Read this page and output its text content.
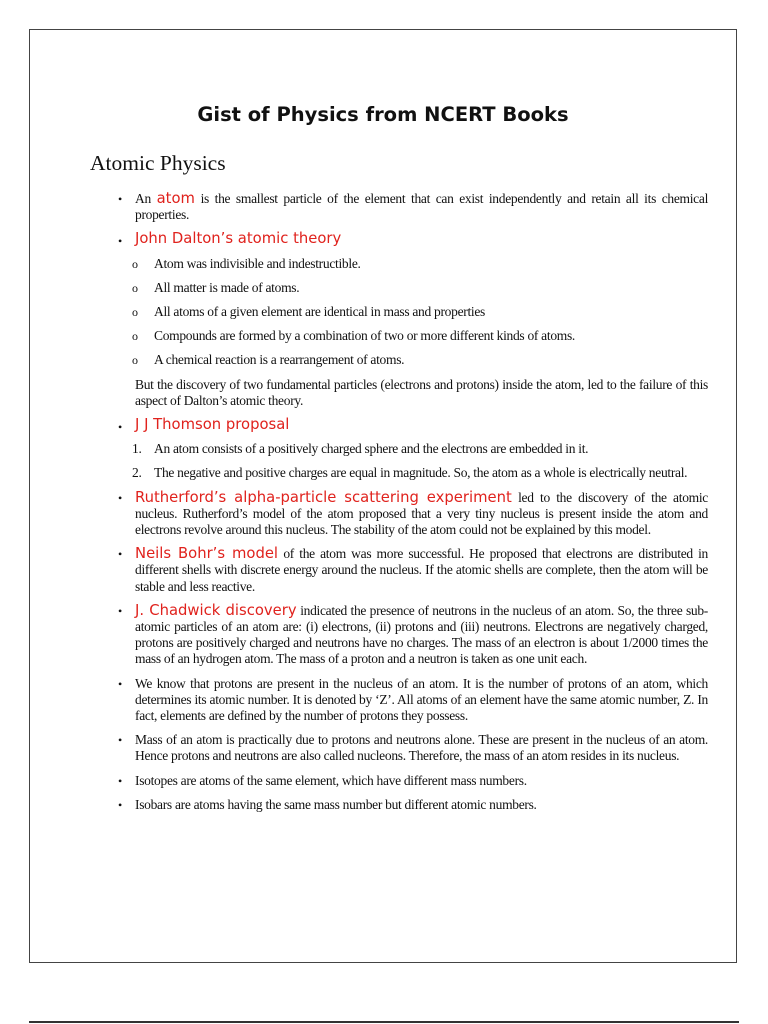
Gist of Physics from NCERT Books
Atomic Physics
• An atom is the smallest particle of the element that can exist independently and retain all its chemical properties.
• John Dalton’s atomic theory
o Atom was indivisible and indestructible.
o All matter is made of atoms.
o All atoms of a given element are identical in mass and properties
o Compounds are formed by a combination of two or more different kinds of atoms.
o A chemical reaction is a rearrangement of atoms.

But the discovery of two fundamental particles (electrons and protons) inside the atom, led to the failure of this aspect of Dalton’s atomic theory.

• J J Thomson proposal
1. An atom consists of a positively charged sphere and the electrons are embedded in it.
2. The negative and positive charges are equal in magnitude. So, the atom as a whole is electrically neutral.
• Rutherford’s alpha-particle scattering experiment led to the discovery of the atomic nucleus. Rutherford’s model of the atom proposed that a very tiny nucleus is present inside the atom and electrons revolve around this nucleus. The stability of the atom could not be explained by this model.
• Neils Bohr’s model of the atom was more successful. He proposed that electrons are distributed in different shells with discrete energy around the nucleus. If the atomic shells are complete, then the atom will be stable and less reactive.
• J. Chadwick discovery indicated the presence of neutrons in the nucleus of an atom. So, the three sub-atomic particles of an atom are: (i) electrons, (ii) protons and (iii) neutrons. Electrons are negatively charged, protons are positively charged and neutrons have no charges. The mass of an electron is about 1/2000 times the mass of an hydrogen atom. The mass of a proton and a neutron is taken as one unit each.
• We know that protons are present in the nucleus of an atom. It is the number of protons of an atom, which determines its atomic number. It is denoted by ‘Z’. All atoms of an element have the same atomic number, Z. In fact, elements are defined by the number of protons they possess.
• Mass of an atom is practically due to protons and neutrons alone. These are present in the nucleus of an atom. Hence protons and neutrons are also called nucleons. Therefore, the mass of an atom resides in its nucleus.
• Isotopes are atoms of the same element, which have different mass numbers.
• Isobars are atoms having the same mass number but different atomic numbers.
